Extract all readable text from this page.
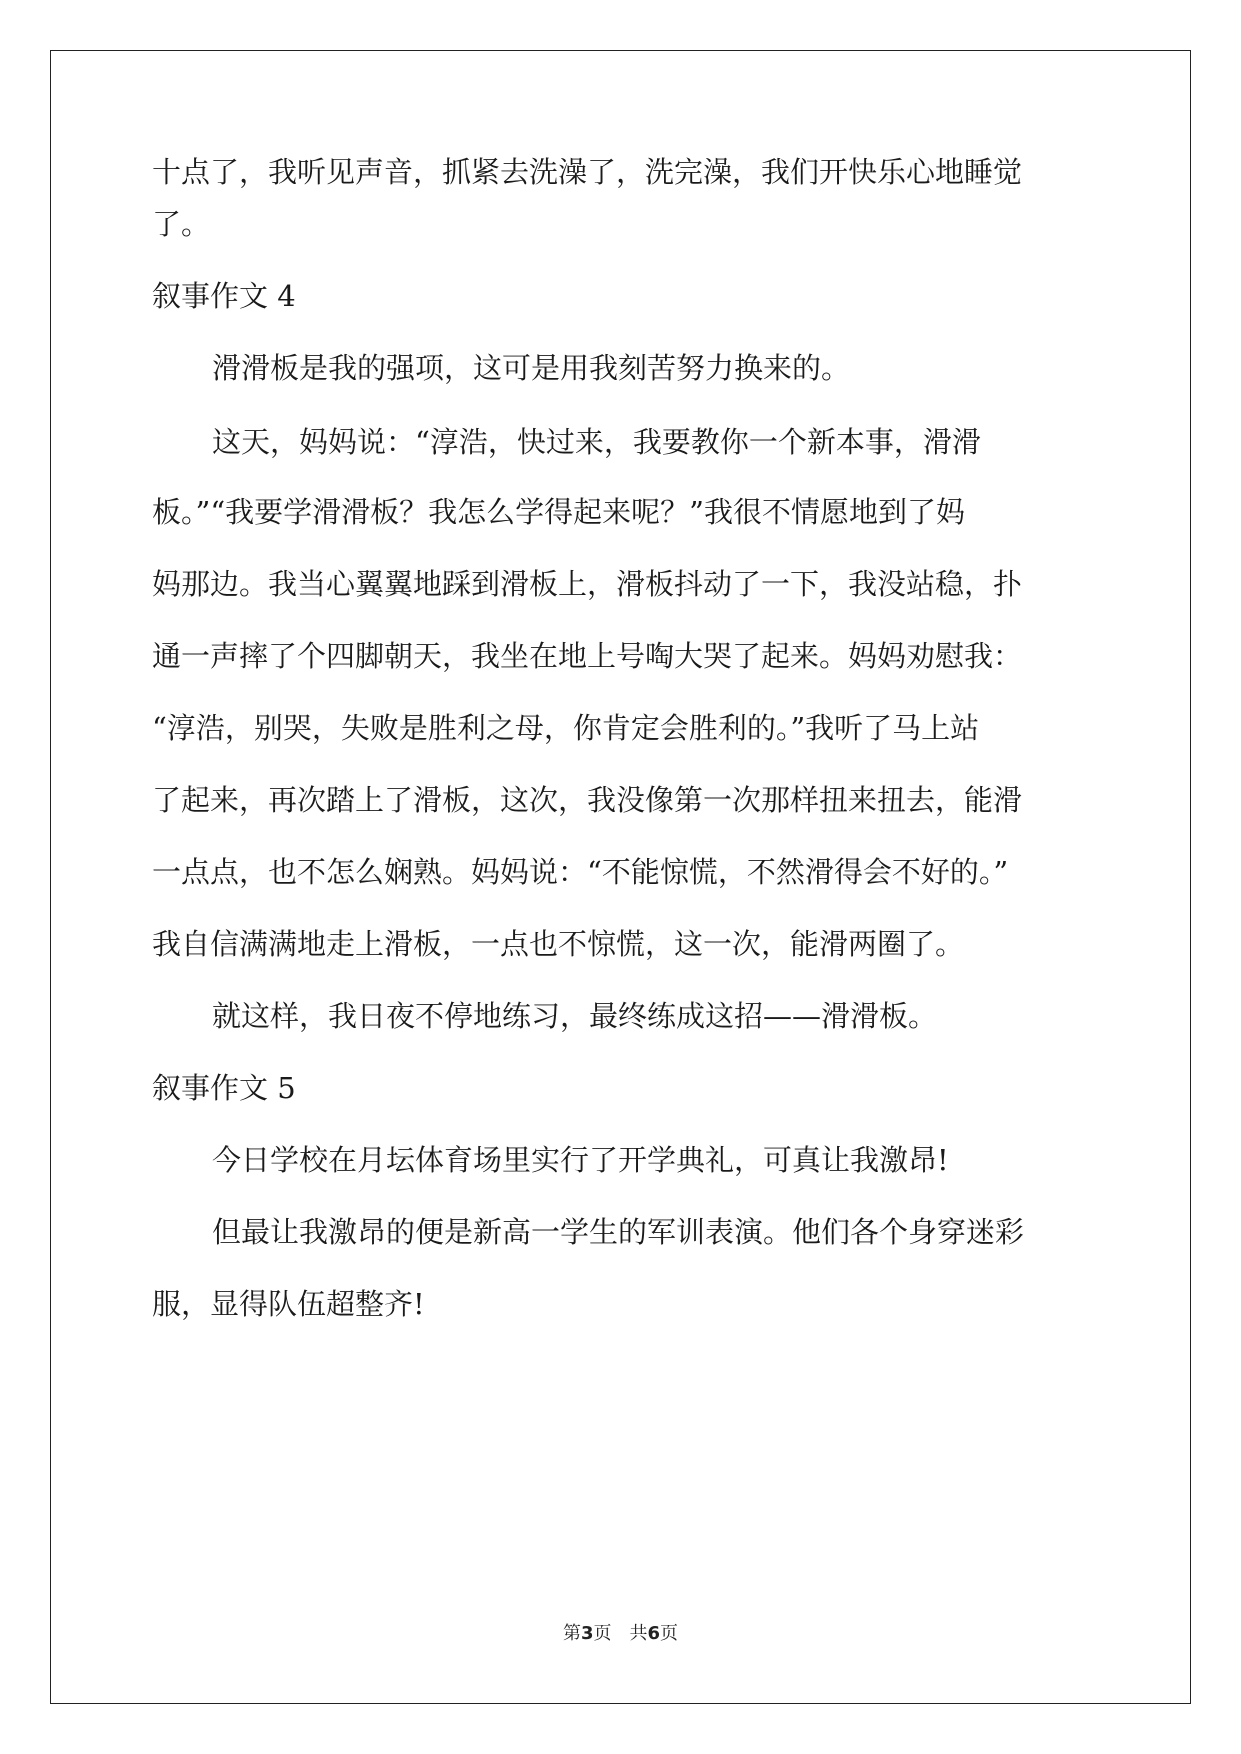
十点了，我听见声音，抓紧去洗澡了，洗完澡，我们开快乐心地睡觉
了。
叙事作文 4
滑滑板是我的强项，这可是用我刻苦努力换来的。
这天，妈妈说：“淳浩，快过来，我要教你一个新本事，滑滑
板。”“我要学滑滑板？我怎么学得起来呢？”我很不情愿地到了妈
妈那边。我当心翼翼地踩到滑板上，滑板抖动了一下，我没站稳，扑
通一声摔了个四脚朝天，我坐在地上号啕大哭了起来。妈妈劝慰我：
“淳浩，别哭，失败是胜利之母，你肯定会胜利的。”我听了马上站
了起来，再次踏上了滑板，这次，我没像第一次那样扭来扭去，能滑
一点点，也不怎么娴熟。妈妈说：“不能惊慌，不然滑得会不好的。”
我自信满满地走上滑板，一点也不惊慌，这一次，能滑两圈了。
就这样，我日夜不停地练习，最终练成这招——滑滑板。
叙事作文 5
今日学校在月坛体育场里实行了开学典礼，可真让我激昂!
但最让我激昂的便是新高一学生的军训表演。他们各个身穿迷彩
服，显得队伍超整齐!
第3页　共6页
